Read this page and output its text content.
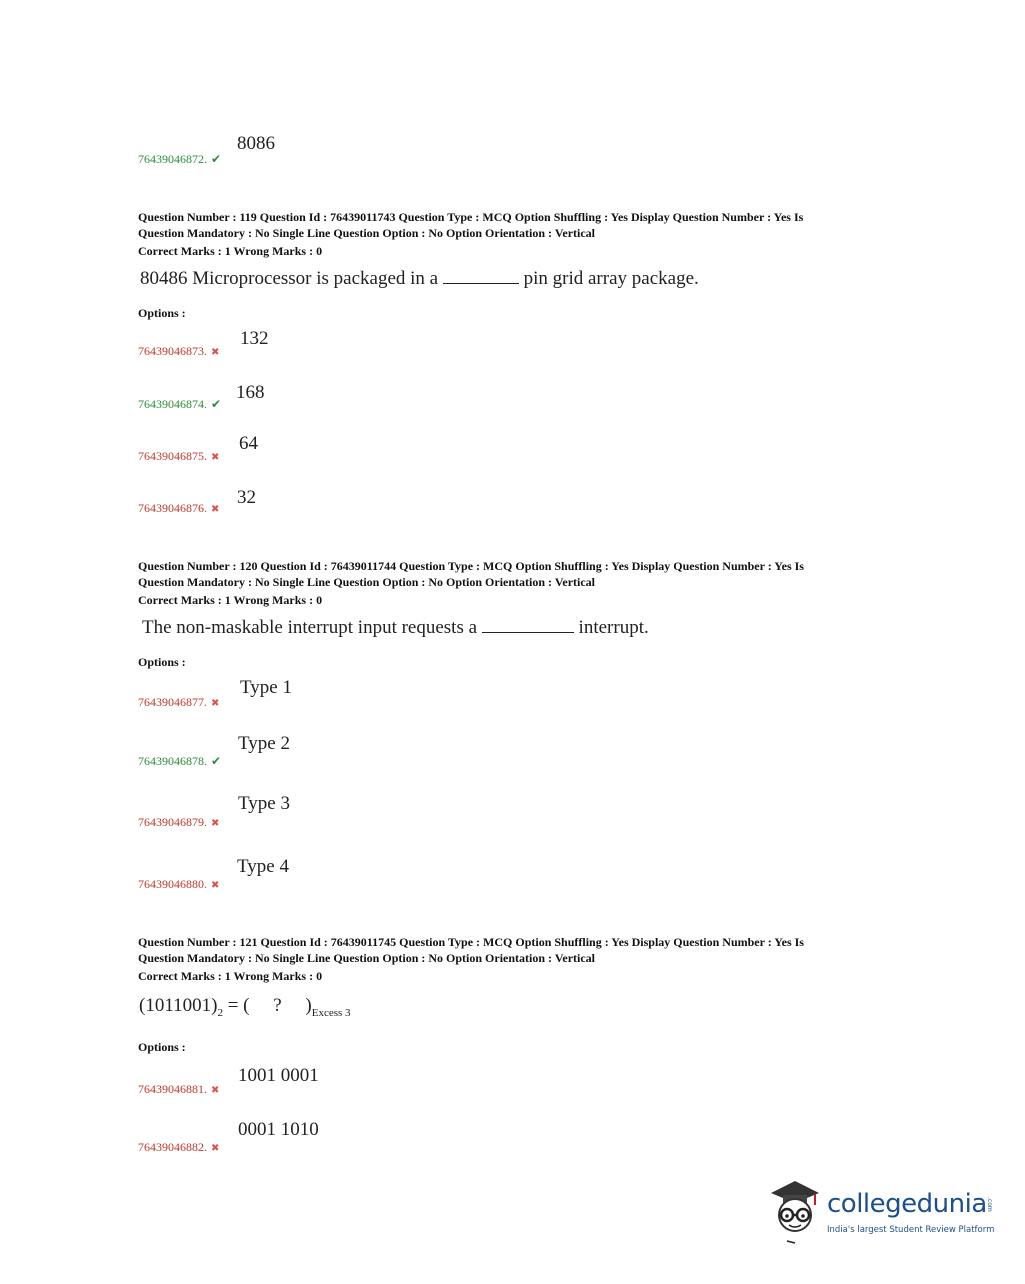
8086
76439046872. ✔
Question Number : 119 Question Id : 76439011743 Question Type : MCQ Option Shuffling : Yes Display Question Number : Yes Is
Question Mandatory : No Single Line Question Option : No Option Orientation : Vertical
Correct Marks : 1 Wrong Marks : 0
80486 Microprocessor is packaged in a	pin grid array package.
Options :
132
76439046873. ✖
168
76439046874. ✔
64
76439046875. ✖
32
76439046876. ✖
Question Number : 120 Question Id : 76439011744 Question Type : MCQ Option Shuffling : Yes Display Question Number : Yes Is
Question Mandatory : No Single Line Question Option : No Option Orientation : Vertical
Correct Marks : 1 Wrong Marks : 0
The non-maskable interrupt input requests a	interrupt.
Options :
Type 1
76439046877. ✖
Type 2
76439046878. ✔
Type 3
76439046879. ✖
Type 4
76439046880. ✖
Question Number : 121 Question Id : 76439011745 Question Type : MCQ Option Shuffling : Yes Display Question Number : Yes Is
Question Mandatory : No Single Line Question Option : No Option Orientation : Vertical
Correct Marks : 1 Wrong Marks : 0
$(1011001)_2$ = (     ?     )$_{Excess 3}$
Options :
1001 0001
76439046881. ✖
0001 1010
76439046882. ✖
collegedunia .com
India's largest Student Review Platform
